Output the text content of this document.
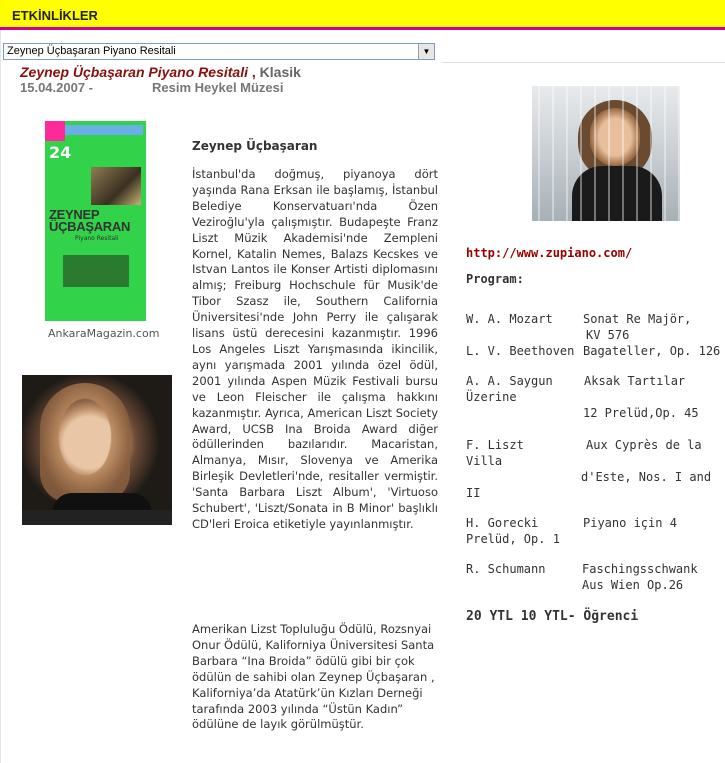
ETKİNLİKLER
Zeynep Üçbaşaran Piyano Resitali	▼
Zeynep Üçbaşaran Piyano Resitali , Klasik
15.04.2007 -	Resim Heykel Müzesi
24
ZEYNEP ÜÇBAŞARAN
Piyano Resitali
AnkaraMagazin.com
Zeynep Üçbaşaran
İstanbul'da doğmuş, piyanoya dört yaşında Rana Erksan ile başlamış, İstanbul Belediye Konservatuarı'nda Özen Veziroğlu'yla çalışmıştır. Budapeşte Franz Liszt Müzik Akademisi'nde Zempleni Kornel, Katalin Nemes, Balazs Kecskes ve Istvan Lantos ile Konser Artisti diplomasını almış; Freiburg Hochschule für Musik'de Tibor Szasz ile, Southern California Üniversitesi'nde John Perry ile çalışarak lisans üstü derecesini kazanmıştır. 1996 Los Angeles Liszt Yarışmasında ikincilik, aynı yarışmada 2001 yılında özel ödül, 2001 yılında Aspen Müzik Festivali bursu ve Leon Fleischer ile çalışma hakkını kazanmıştır. Ayrıca, American Liszt Society Award, UCSB Ina Broida Award diğer ödüllerinden bazılarıdır. Macaristan, Almanya, Mısır, Slovenya ve Amerika Birleşik Devletleri'nde, resitaller vermiştir. 'Santa Barbara Liszt Album', 'Virtuoso Schubert', 'Liszt/Sonata in B Minor' başlıklı CD'leri Eroica etiketiyle yayınlanmıştır.
Amerikan Lizst Topluluğu Ödülü, Rozsnyai Onur Ödülü, Kaliforniya Üniversitesi Santa Barbara “Ina Broida” ödülü gibi bir çok ödülün de sahibi olan Zeynep Üçbaşaran , Kaliforniya’da Atatürk’ün Kızları Derneği tarafında 2003 yılında “Üstün Kadın” ödülüne de layık görülmüştür.
http://www.zupiano.com/
Program:
W. A. Mozart	Sonat Re Majör,
KV 576
L. V. Beethoven Bagateller, Op. 126
A. A. Saygun	Aksak Tartılar
Üzerine
12 Prelüd,Op. 45
F. Liszt	Aux Cyprès de la
Villa
d'Este, Nos. I and
II
H. Gorecki	Piyano için 4
Prelüd, Op. 1
R. Schumann	Faschingsschwank
Aus Wien Op.26
20 YTL 10 YTL- Öğrenci
